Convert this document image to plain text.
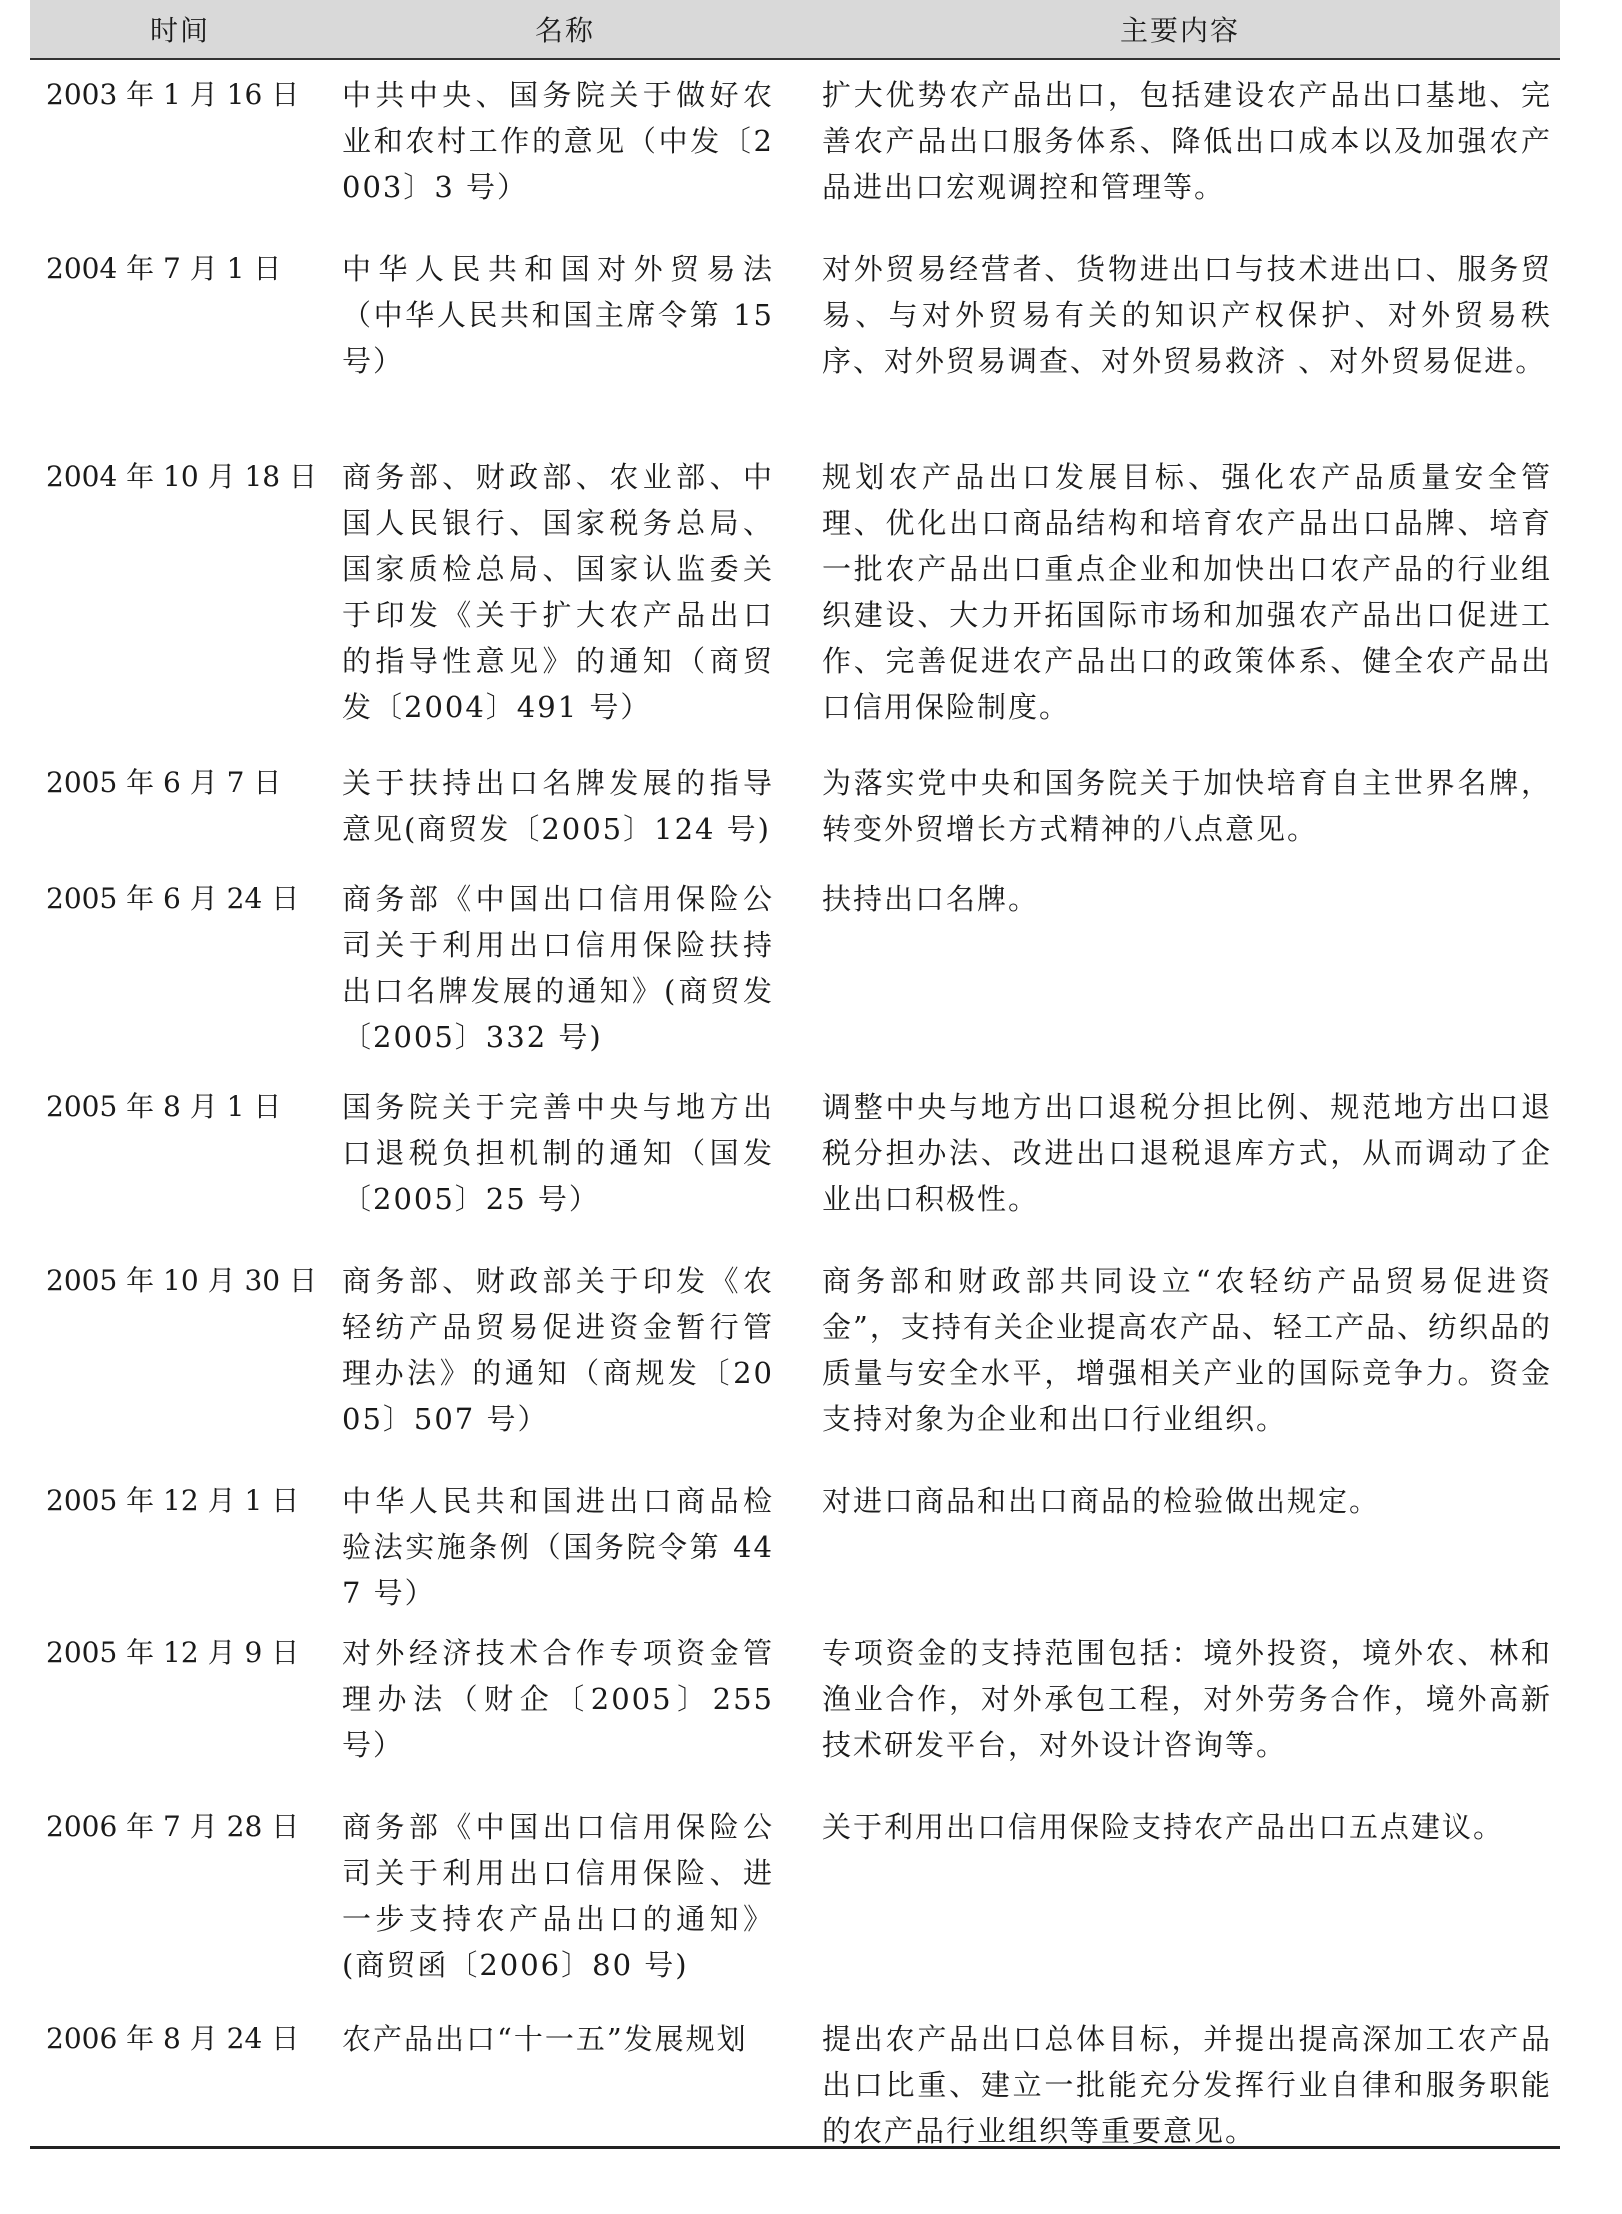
时间	名称	主要内容
2003 年 1 月 16 日	中共中央、国务院关于做好农业和农村工作的意见（中发〔2003〕3 号）	扩大优势农产品出口，包括建设农产品出口基地、完善农产品出口服务体系、降低出口成本以及加强农产品进出口宏观调控和管理等。
2004 年 7 月 1 日	中华人民共和国对外贸易法（中华人民共和国主席令第 15 号）	对外贸易经营者、货物进出口与技术进出口、服务贸易、与对外贸易有关的知识产权保护、对外贸易秩序、对外贸易调查、对外贸易救济 、对外贸易促进。
2004 年 10 月 18 日	商务部、财政部、农业部、中国人民银行、国家税务总局、国家质检总局、国家认监委关于印发《关于扩大农产品出口的指导性意见》的通知（商贸发〔2004〕491 号）	规划农产品出口发展目标、强化农产品质量安全管理、优化出口商品结构和培育农产品出口品牌、培育一批农产品出口重点企业和加快出口农产品的行业组织建设、大力开拓国际市场和加强农产品出口促进工作、完善促进农产品出口的政策体系、健全农产品出口信用保险制度。
2005 年 6 月 7 日	关于扶持出口名牌发展的指导意见(商贸发〔2005〕124 号)	为落实党中央和国务院关于加快培育自主世界名牌，转变外贸增长方式精神的八点意见。
2005 年 6 月 24 日	商务部《中国出口信用保险公司关于利用出口信用保险扶持出口名牌发展的通知》(商贸发〔2005〕332 号)	扶持出口名牌。
2005 年 8 月 1 日	国务院关于完善中央与地方出口退税负担机制的通知（国发〔2005〕25 号）	调整中央与地方出口退税分担比例、规范地方出口退税分担办法、改进出口退税退库方式，从而调动了企业出口积极性。
2005 年 10 月 30 日	商务部、财政部关于印发《农轻纺产品贸易促进资金暂行管理办法》的通知（商规发〔2005〕507 号）	商务部和财政部共同设立“农轻纺产品贸易促进资金”，支持有关企业提高农产品、轻工产品、纺织品的质量与安全水平，增强相关产业的国际竞争力。资金支持对象为企业和出口行业组织。
2005 年 12 月 1 日	中华人民共和国进出口商品检验法实施条例（国务院令第 447 号）	对进口商品和出口商品的检验做出规定。
2005 年 12 月 9 日	对外经济技术合作专项资金管理办法（财企〔2005〕255 号）	专项资金的支持范围包括：境外投资，境外农、林和渔业合作，对外承包工程，对外劳务合作，境外高新技术研发平台，对外设计咨询等。
2006 年 7 月 28 日	商务部《中国出口信用保险公司关于利用出口信用保险、进一步支持农产品出口的通知》(商贸函〔2006〕80 号)	关于利用出口信用保险支持农产品出口五点建议。
2006 年 8 月 24 日	农产品出口“十一五”发展规划	提出农产品出口总体目标，并提出提高深加工农产品出口比重、建立一批能充分发挥行业自律和服务职能的农产品行业组织等重要意见。
